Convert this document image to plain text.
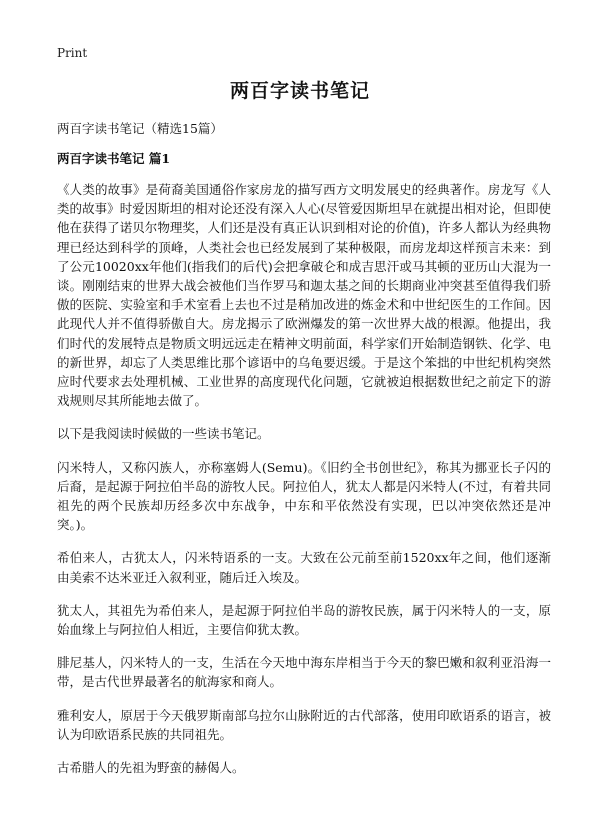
Print
两百字读书笔记
两百字读书笔记（精选15篇）
两百字读书笔记 篇1

《人类的故事》是荷裔美国通俗作家房龙的描写西方文明发展史的经典著作。房龙写《人类的故事》时爱因斯坦的相对论还没有深入人心(尽管爱因斯坦早在就提出相对论，但即使他在获得了诺贝尔物理奖，人们还是没有真正认识到相对论的价值)，许多人都认为经典物理已经达到科学的顶峰，人类社会也已经发展到了某种极限，而房龙却这样预言未来：到了公元10020xx年他们(指我们的后代)会把拿破仑和成吉思汗或马其顿的亚历山大混为一谈。刚刚结束的世界大战会被他们当作罗马和迦太基之间的长期商业冲突甚至值得我们骄傲的医院、实验室和手术室看上去也不过是稍加改进的炼金术和中世纪医生的工作间。因此现代人并不值得骄傲自大。房龙揭示了欧洲爆发的第一次世界大战的根源。他提出，我们时代的发展特点是物质文明远远走在精神文明前面，科学家们开始制造钢铁、化学、电的新世界，却忘了人类思维比那个谚语中的乌龟要迟缓。于是这个笨拙的中世纪机构突然应时代要求去处理机械、工业世界的高度现代化问题，它就被迫根据数世纪之前定下的游戏规则尽其所能地去做了。

以下是我阅读时候做的一些读书笔记。

闪米特人，又称闪族人，亦称塞姆人(Semu)。《旧约全书创世纪》，称其为挪亚长子闪的后裔，是起源于阿拉伯半岛的游牧人民。阿拉伯人，犹太人都是闪米特人(不过，有着共同祖先的两个民族却历经多次中东战争，中东和平依然没有实现，巴以冲突依然还是冲突。)。

希伯来人，古犹太人，闪米特语系的一支。大致在公元前至前1520xx年之间，他们逐渐由美索不达米亚迁入叙利亚，随后迁入埃及。

犹太人，其祖先为希伯来人，是起源于阿拉伯半岛的游牧民族，属于闪米特人的一支，原始血缘上与阿拉伯人相近，主要信仰犹太教。

腓尼基人，闪米特人的一支，生活在今天地中海东岸相当于今天的黎巴嫩和叙利亚沿海一带，是古代世界最著名的航海家和商人。

雅利安人，原居于今天俄罗斯南部乌拉尔山脉附近的古代部落，使用印欧语系的语言，被认为印欧语系民族的共同祖先。

古希腊人的先祖为野蛮的赫偈人。
